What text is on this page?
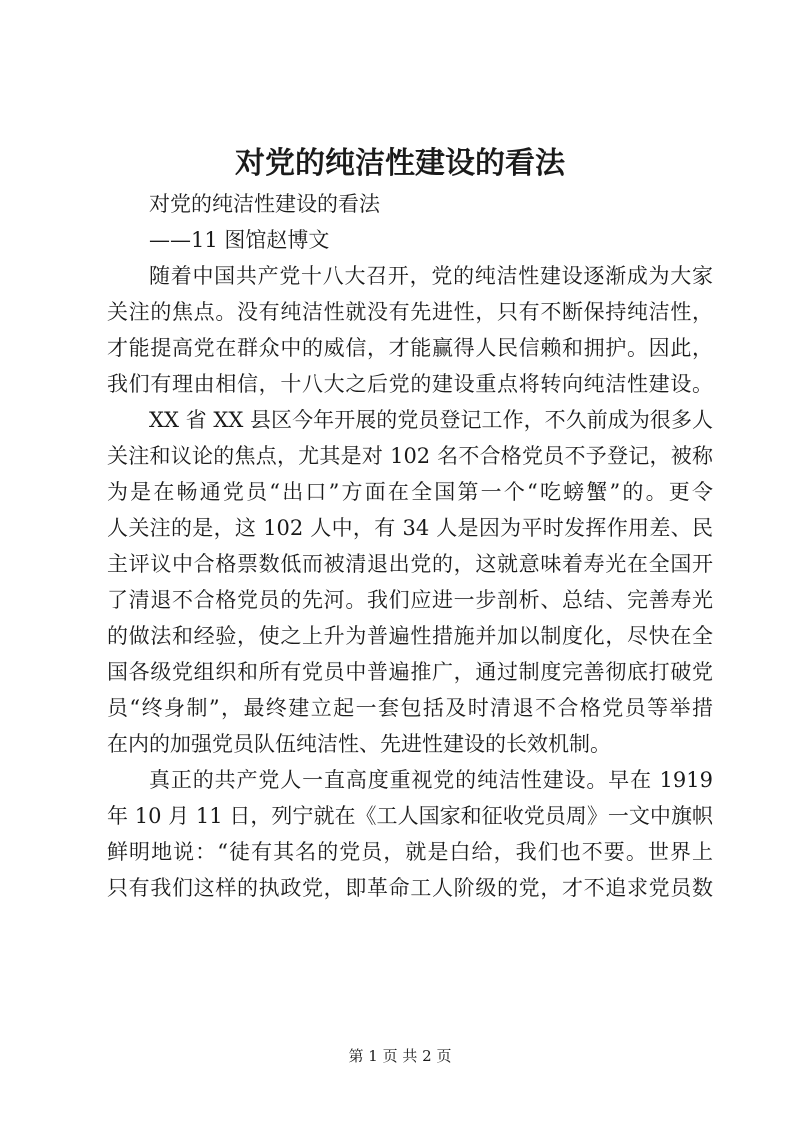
对党的纯洁性建设的看法
对党的纯洁性建设的看法
——11 图馆赵博文
随着中国共产党十八大召开，党的纯洁性建设逐渐成为大家
关注的焦点。没有纯洁性就没有先进性，只有不断保持纯洁性，
才能提高党在群众中的威信，才能赢得人民信赖和拥护。因此，
我们有理由相信，十八大之后党的建设重点将转向纯洁性建设。
XX 省 XX 县区今年开展的党员登记工作，不久前成为很多人
关注和议论的焦点，尤其是对 102 名不合格党员不予登记，被称
为是在畅通党员“出口”方面在全国第一个“吃螃蟹”的。更令
人关注的是，这 102 人中，有 34 人是因为平时发挥作用差、民
主评议中合格票数低而被清退出党的，这就意味着寿光在全国开
了清退不合格党员的先河。我们应进一步剖析、总结、完善寿光
的做法和经验，使之上升为普遍性措施并加以制度化，尽快在全
国各级党组织和所有党员中普遍推广，通过制度完善彻底打破党
员“终身制”，最终建立起一套包括及时清退不合格党员等举措
在内的加强党员队伍纯洁性、先进性建设的长效机制。
真正的共产党人一直高度重视党的纯洁性建设。早在 1919
年 10 月 11 日，列宁就在《工人国家和征收党员周》一文中旗帜
鲜明地说：“徒有其名的党员，就是白给，我们也不要。世界上
只有我们这样的执政党，即革命工人阶级的党，才不追求党员数
第 1 页 共 2 页
